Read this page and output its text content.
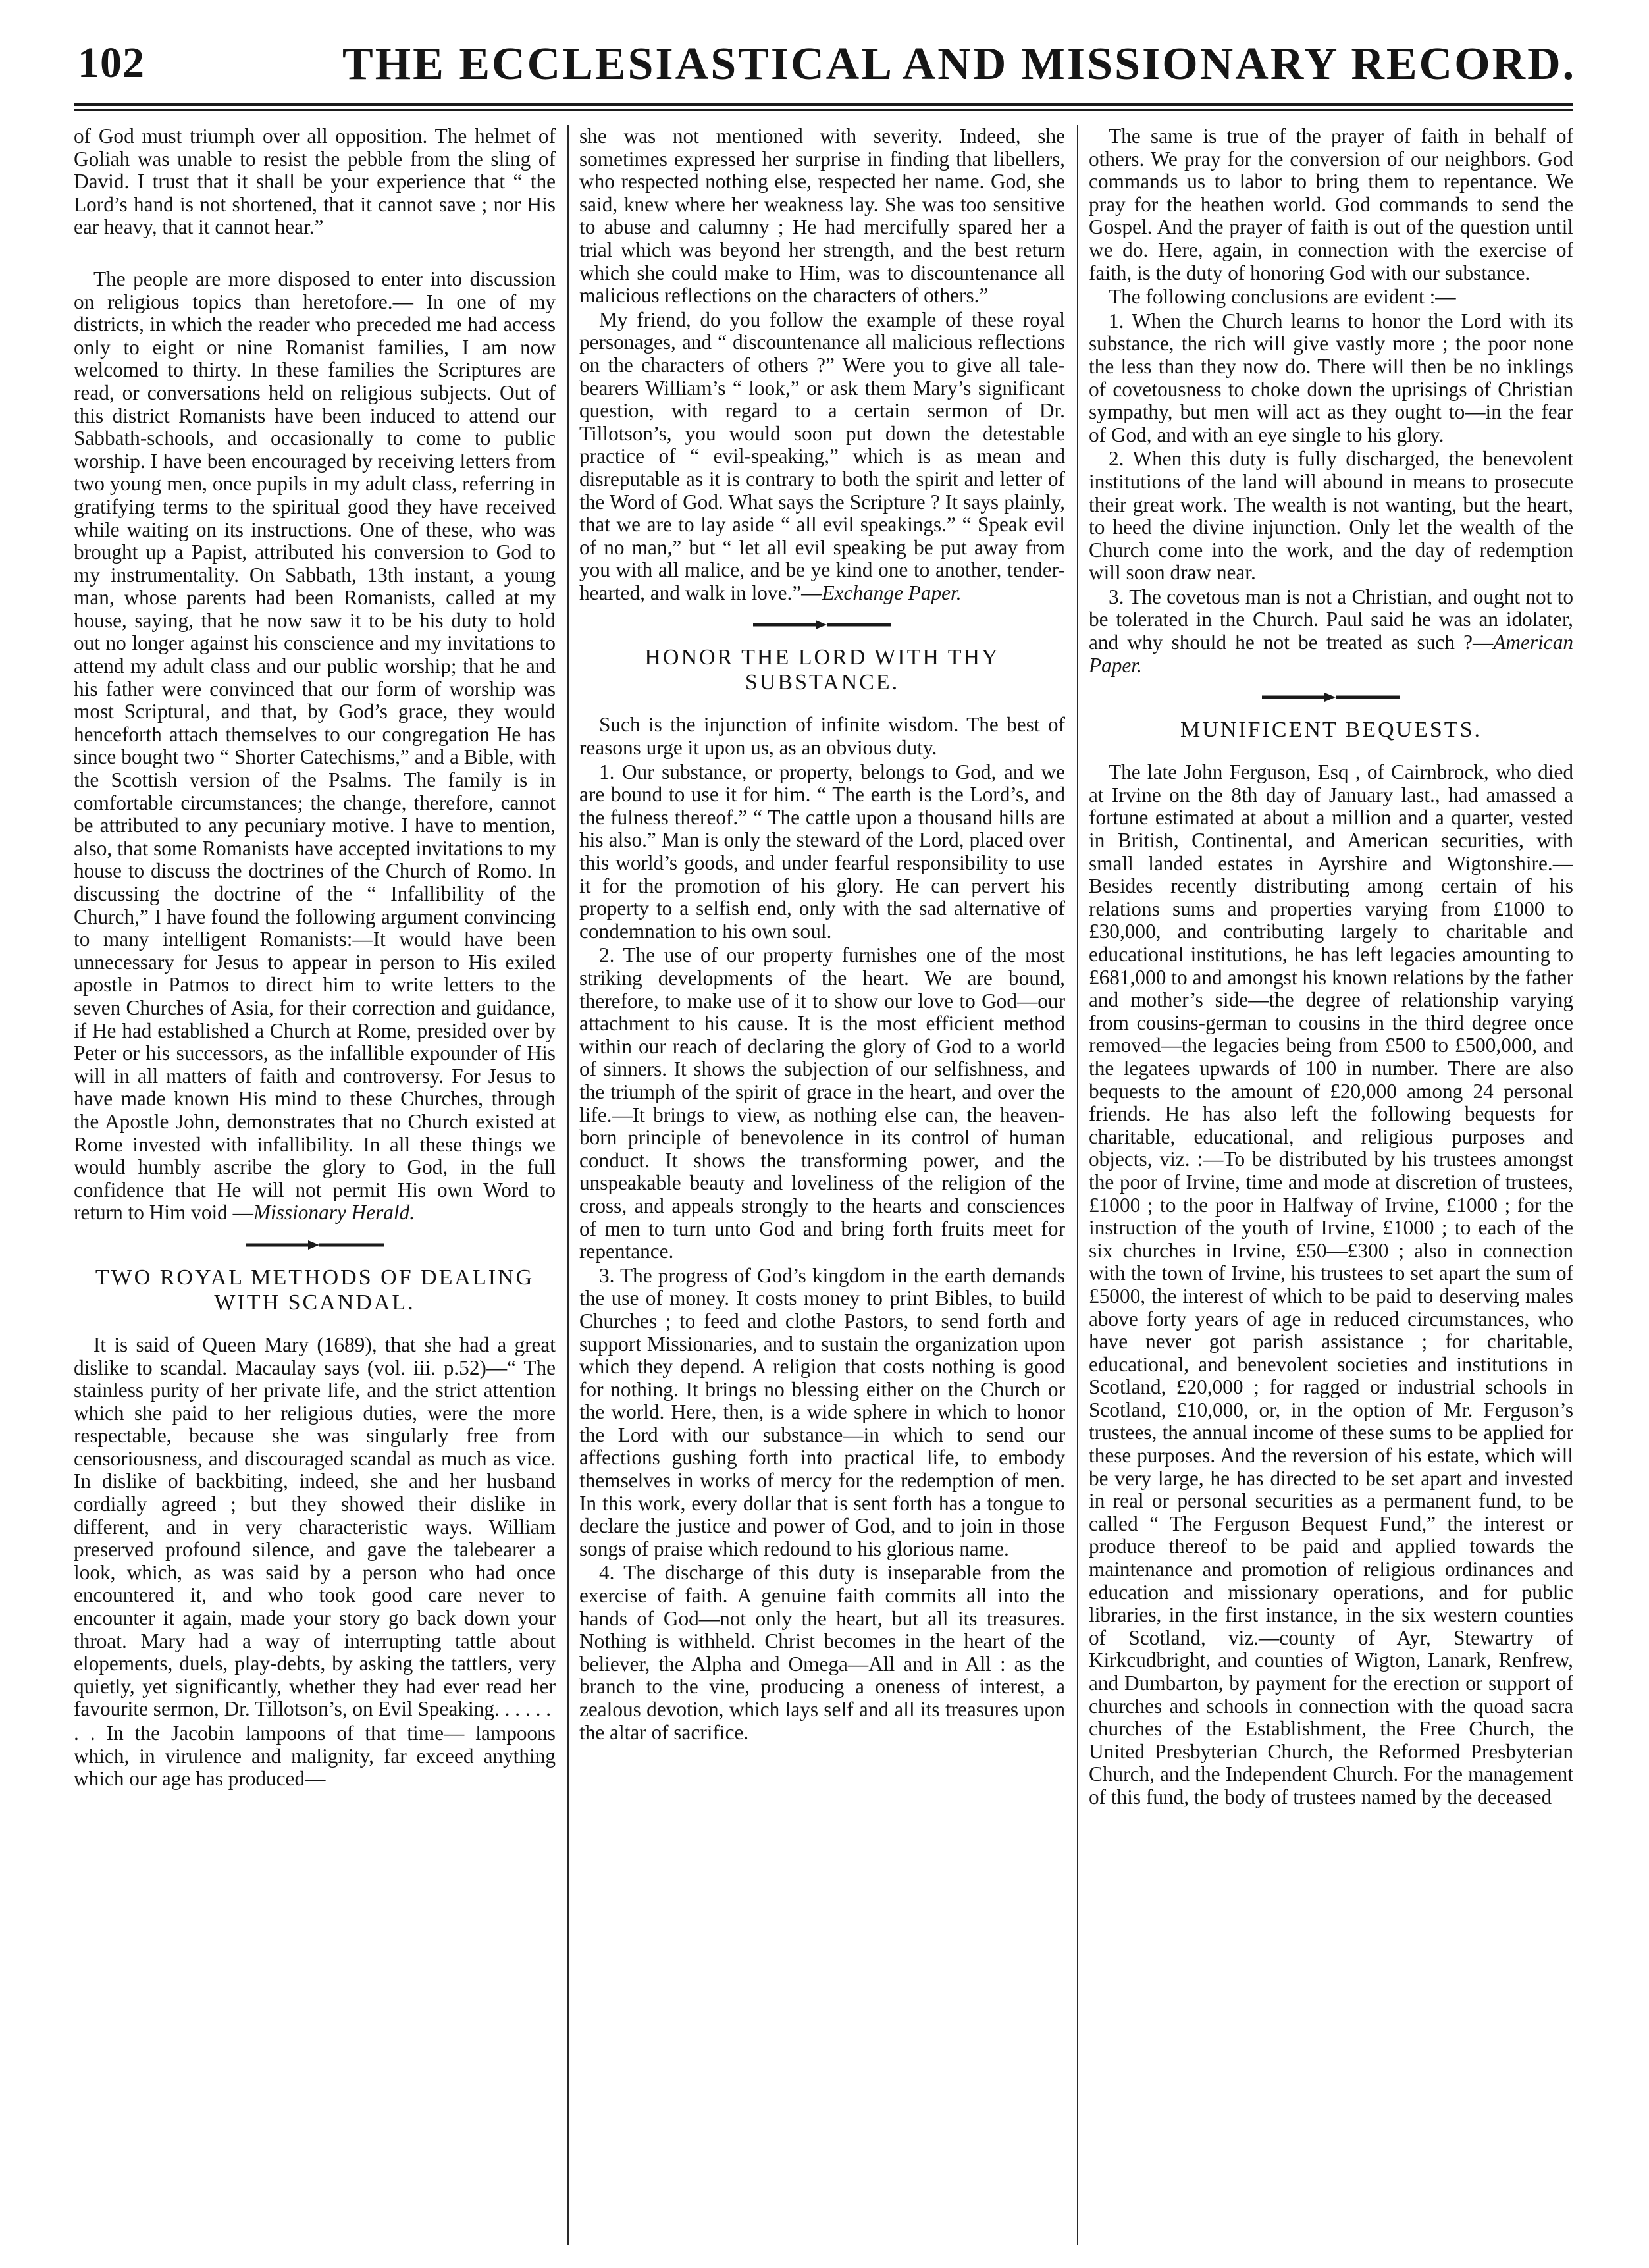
102	THE ECCLESIASTICAL AND MISSIONARY RECORD.

of God must triumph over all opposition. The helmet of Goliah was unable to resist the pebble from the sling of David. I trust that it shall be your experience that “ the Lord’s hand is not shortened, that it cannot save ; nor His ear heavy, that it cannot hear.”

The people are more disposed to enter into discussion on religious topics than heretofore.— In one of my districts, in which the reader who preceded me had access only to eight or nine Romanist families, I am now welcomed to thirty. In these families the Scriptures are read, or conversations held on religious subjects. Out of this district Romanists have been induced to attend our Sabbath-schools, and occasionally to come to public worship. I have been encouraged by receiving letters from two young men, once pupils in my adult class, referring in gratifying terms to the spiritual good they have received while waiting on its instructions. One of these, who was brought up a Papist, attributed his conversion to God to my instrumentality. On Sabbath, 13th instant, a young man, whose parents had been Romanists, called at my house, saying, that he now saw it to be his duty to hold out no longer against his conscience and my invitations to attend my adult class and our public worship; that he and his father were convinced that our form of worship was most Scriptural, and that, by God’s grace, they would henceforth attach themselves to our congregation He has since bought two “ Shorter Catechisms,” and a Bible, with the Scottish version of the Psalms. The family is in comfortable circumstances; the change, therefore, cannot be attributed to any pecuniary motive. I have to mention, also, that some Romanists have accepted invitations to my house to discuss the doctrines of the Church of Romo. In discussing the doctrine of the “ Infallibility of the Church,” I have found the following argument convincing to many intelligent Romanists:—It would have been unnecessary for Jesus to appear in person to His exiled apostle in Patmos to direct him to write letters to the seven Churches of Asia, for their correction and guidance, if He had established a Church at Rome, presided over by Peter or his successors, as the infallible expounder of His will in all matters of faith and controversy. For Jesus to have made known His mind to these Churches, through the Apostle John, demonstrates that no Church existed at Rome invested with infallibility. In all these things we would humbly ascribe the glory to God, in the full confidence that He will not permit His own Word to return to Him void —Missionary Herald.

TWO ROYAL METHODS OF DEALING WITH SCANDAL.

It is said of Queen Mary (1689), that she had a great dislike to scandal. Macaulay says (vol. iii. p.52)—“ The stainless purity of her private life, and the strict attention which she paid to her religious duties, were the more respectable, because she was singularly free from censoriousness, and discouraged scandal as much as vice. In dislike of backbiting, indeed, she and her husband cordially agreed ; but they showed their dislike in different, and in very characteristic ways. William preserved profound silence, and gave the talebearer a look, which, as was said by a person who had once encountered it, and who took good care never to encounter it again, made your story go back down your throat. Mary had a way of interrupting tattle about elopements, duels, play-debts, by asking the tattlers, very quietly, yet significantly, whether they had ever read her favourite sermon, Dr. Tillotson’s, on Evil Speaking. . . . . .

. . In the Jacobin lampoons of that time— lampoons which, in virulence and malignity, far exceed anything which our age has produced—

she was not mentioned with severity. Indeed, she sometimes expressed her surprise in finding that libellers, who respected nothing else, respected her name. God, she said, knew where her weakness lay. She was too sensitive to abuse and calumny ; He had mercifully spared her a trial which was beyond her strength, and the best return which she could make to Him, was to discountenance all malicious reflections on the characters of others.”

My friend, do you follow the example of these royal personages, and “ discountenance all malicious reflections on the characters of others ?” Were you to give all tale-bearers William’s “ look,” or ask them Mary’s significant question, with regard to a certain sermon of Dr. Tillotson’s, you would soon put down the detestable practice of “ evil-speaking,” which is as mean and disreputable as it is contrary to both the spirit and letter of the Word of God. What says the Scripture ? It says plainly, that we are to lay aside “ all evil speakings.” “ Speak evil of no man,” but “ let all evil speaking be put away from you with all malice, and be ye kind one to another, tender-hearted, and walk in love.”—Exchange Paper.

HONOR THE LORD WITH THY SUBSTANCE.

Such is the injunction of infinite wisdom. The best of reasons urge it upon us, as an obvious duty.

1. Our substance, or property, belongs to God, and we are bound to use it for him. “ The earth is the Lord’s, and the fulness thereof.” “ The cattle upon a thousand hills are his also.” Man is only the steward of the Lord, placed over this world’s goods, and under fearful responsibility to use it for the promotion of his glory. He can pervert his property to a selfish end, only with the sad alternative of condemnation to his own soul.

2. The use of our property furnishes one of the most striking developments of the heart. We are bound, therefore, to make use of it to show our love to God—our attachment to his cause. It is the most efficient method within our reach of declaring the glory of God to a world of sinners. It shows the subjection of our selfishness, and the triumph of the spirit of grace in the heart, and over the life.—It brings to view, as nothing else can, the heaven-born principle of benevolence in its control of human conduct. It shows the transforming power, and the unspeakable beauty and loveliness of the religion of the cross, and appeals strongly to the hearts and consciences of men to turn unto God and bring forth fruits meet for repentance.

3. The progress of God’s kingdom in the earth demands the use of money. It costs money to print Bibles, to build Churches ; to feed and clothe Pastors, to send forth and support Missionaries, and to sustain the organization upon which they depend. A religion that costs nothing is good for nothing. It brings no blessing either on the Church or the world. Here, then, is a wide sphere in which to honor the Lord with our substance—in which to send our affections gushing forth into practical life, to embody themselves in works of mercy for the redemption of men. In this work, every dollar that is sent forth has a tongue to declare the justice and power of God, and to join in those songs of praise which redound to his glorious name.

4. The discharge of this duty is inseparable from the exercise of faith. A genuine faith commits all into the hands of God—not only the heart, but all its treasures. Nothing is withheld. Christ becomes in the heart of the believer, the Alpha and Omega—All and in All : as the branch to the vine, producing a oneness of interest, a zealous devotion, which lays self and all its treasures upon the altar of sacrifice.

The same is true of the prayer of faith in behalf of others. We pray for the conversion of our neighbors. God commands us to labor to bring them to repentance. We pray for the heathen world. God commands to send the Gospel. And the prayer of faith is out of the question until we do. Here, again, in connection with the exercise of faith, is the duty of honoring God with our substance.

The following conclusions are evident :—

1. When the Church learns to honor the Lord with its substance, the rich will give vastly more ; the poor none the less than they now do. There will then be no inklings of covetousness to choke down the uprisings of Christian sympathy, but men will act as they ought to—in the fear of God, and with an eye single to his glory.

2. When this duty is fully discharged, the benevolent institutions of the land will abound in means to prosecute their great work. The wealth is not wanting, but the heart, to heed the divine injunction. Only let the wealth of the Church come into the work, and the day of redemption will soon draw near.

3. The covetous man is not a Christian, and ought not to be tolerated in the Church. Paul said he was an idolater, and why should he not be treated as such ?—American Paper.

MUNIFICENT BEQUESTS.

The late John Ferguson, Esq , of Cairnbrock, who died at Irvine on the 8th day of January last., had amassed a fortune estimated at about a million and a quarter, vested in British, Continental, and American securities, with small landed estates in Ayrshire and Wigtonshire.— Besides recently distributing among certain of his relations sums and properties varying from £1000 to £30,000, and contributing largely to charitable and educational institutions, he has left legacies amounting to £681,000 to and amongst his known relations by the father and mother’s side—the degree of relationship varying from cousins-german to cousins in the third degree once removed—the legacies being from £500 to £500,000, and the legatees upwards of 100 in number. There are also bequests to the amount of £20,000 among 24 personal friends. He has also left the following bequests for charitable, educational, and religious purposes and objects, viz. :—To be distributed by his trustees amongst the poor of Irvine, time and mode at discretion of trustees, £1000 ; to the poor in Halfway of Irvine, £1000 ; for the instruction of the youth of Irvine, £1000 ; to each of the six churches in Irvine, £50—£300 ; also in connection with the town of Irvine, his trustees to set apart the sum of £5000, the interest of which to be paid to deserving males above forty years of age in reduced circumstances, who have never got parish assistance ; for charitable, educational, and benevolent societies and institutions in Scotland, £20,000 ; for ragged or industrial schools in Scotland, £10,000, or, in the option of Mr. Ferguson’s trustees, the annual income of these sums to be applied for these purposes. And the reversion of his estate, which will be very large, he has directed to be set apart and invested in real or personal securities as a permanent fund, to be called “ The Ferguson Bequest Fund,” the interest or produce thereof to be paid and applied towards the maintenance and promotion of religious ordinances and education and missionary operations, and for public libraries, in the first instance, in the six western counties of Scotland, viz.—county of Ayr, Stewartry of Kirkcudbright, and counties of Wigton, Lanark, Renfrew, and Dumbarton, by payment for the erection or support of churches and schools in connection with the quoad sacra churches of the Establishment, the Free Church, the United Presbyterian Church, the Reformed Presbyterian Church, and the Independent Church. For the management of this fund, the body of trustees named by the deceased
